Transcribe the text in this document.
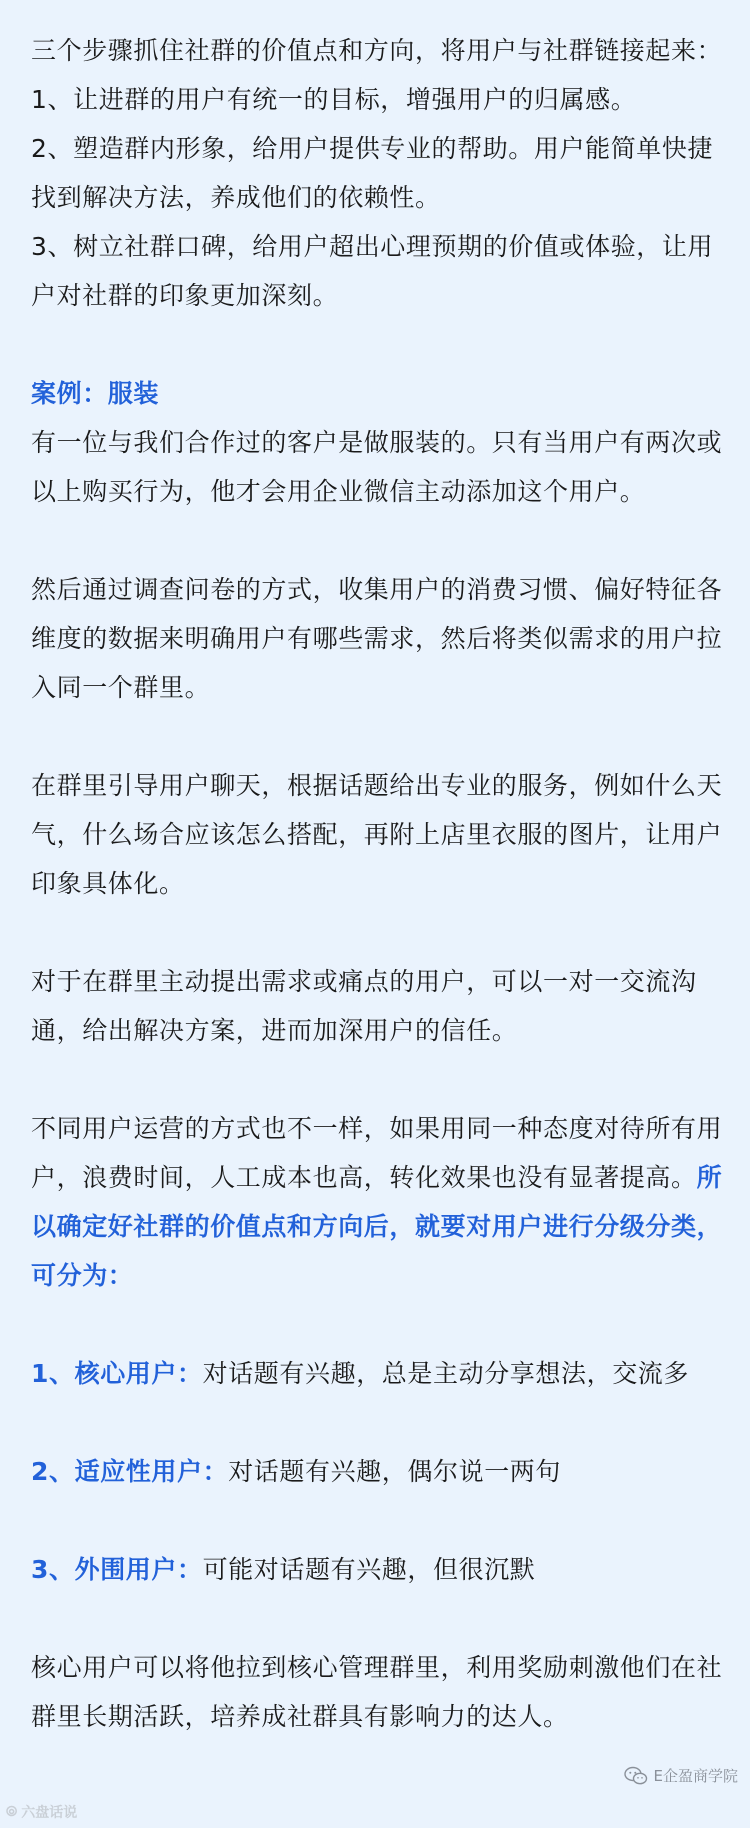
三个步骤抓住社群的价值点和方向，将用户与社群链接起来：

1、让进群的用户有统一的目标，增强用户的归属感。

2、塑造群内形象，给用户提供专业的帮助。用户能简单快捷找到解决方法，养成他们的依赖性。

3、树立社群口碑，给用户超出心理预期的价值或体验，让用户对社群的印象更加深刻。

案例：服装

有一位与我们合作过的客户是做服装的。只有当用户有两次或以上购买行为，他才会用企业微信主动添加这个用户。

然后通过调查问卷的方式，收集用户的消费习惯、偏好特征各维度的数据来明确用户有哪些需求，然后将类似需求的用户拉入同一个群里。

在群里引导用户聊天，根据话题给出专业的服务，例如什么天气，什么场合应该怎么搭配，再附上店里衣服的图片，让用户印象具体化。

对于在群里主动提出需求或痛点的用户，可以一对一交流沟通，给出解决方案，进而加深用户的信任。

不同用户运营的方式也不一样，如果用同一种态度对待所有用户，浪费时间，人工成本也高，转化效果也没有显著提高。所以确定好社群的价值点和方向后，就要对用户进行分级分类，可分为：

1、核心用户：对话题有兴趣，总是主动分享想法，交流多

2、适应性用户：对话题有兴趣，偶尔说一两句

3、外围用户：可能对话题有兴趣，但很沉默

核心用户可以将他拉到核心管理群里，利用奖励刺激他们在社群里长期活跃，培养成社群具有影响力的达人。

⦾ 六盘话说
E企盈商学院
